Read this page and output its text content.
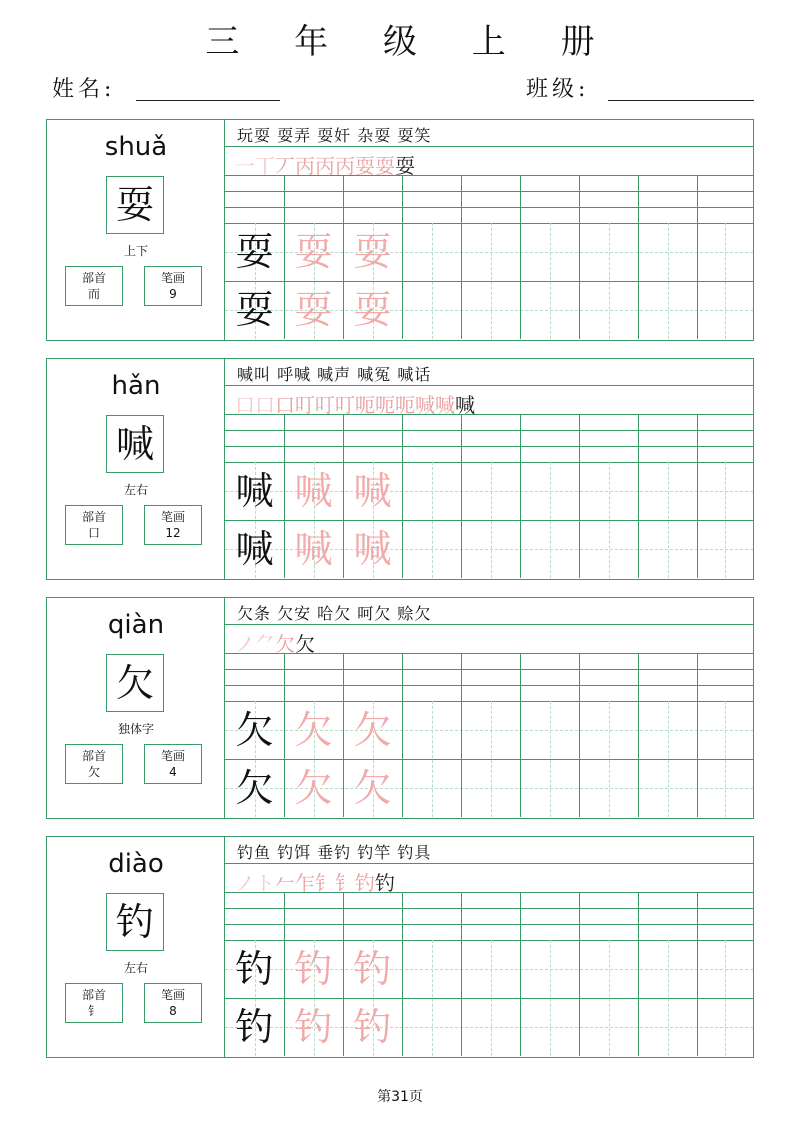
三 年 级 上 册
姓名:	班级:
shuǎ
耍
上下
部首
而
笔画
9
耍 耍 耍
耍 耍 耍
玩耍 耍弄 耍奸 杂耍 耍笑
一丅丆丙丙丙耍耍耍
hǎn
喊
左右
部首
口
笔画
12
喊 喊 喊
喊 喊 喊
喊叫 呼喊 喊声 喊冤 喊话
口口口叮叮叮呃呃呃喊喊喊
qiàn
欠
独体字
部首
欠
笔画
4
欠 欠 欠
欠 欠 欠
欠条 欠安 哈欠 呵欠 赊欠
ノ⺈欠欠
diào
钓
左右
部首
钅
笔画
8
钓 钓 钓
钓 钓 钓
钓鱼 钓饵 垂钓 钓竿 钓具
ノト𠂉乍钅钅钓钓
第31页
